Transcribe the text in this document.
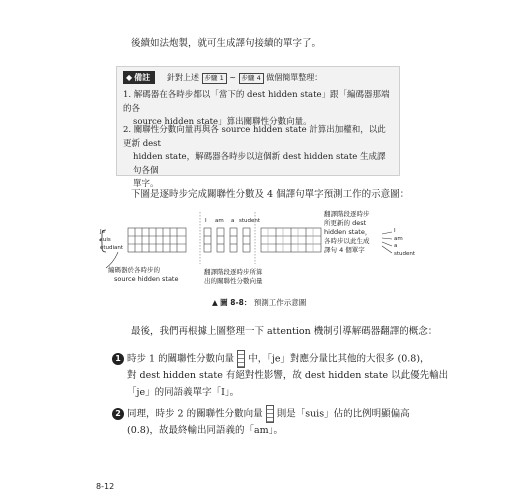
後續如法炮製，就可生成譯句接續的單字了。
◆ 備註 針對上述 步驟 1 ~ 步驟 4 做個簡單整理：
1. 解碼器在各時步都以「當下的 dest hidden state」跟「編碼器那端的各
source hidden state」算出關聯性分數向量。
2. 關聯性分數向量再與各 source hidden state 計算出加權和，以此更新 dest
hidden state，解碼器各時步以這個新 dest hidden state 生成譯句各個
單字。
下圖是逐時步完成關聯性分數及 4 個譯句單字預測工作的示意圖：
Je
suis
étudiant
I am a student
編碼器於各時步的
source hidden state
翻譯階段逐時步所算
出的關聯性分數向量
翻譯階段逐時步
所更新的 dest
hidden state，
各時步以此生成
譯句 4 個單字
I
am
a
student
▲ 圖 8-8： 預測工作示意圖
最後，我們再根據上圖整理一下 attention 機制引導解碼器翻譯的概念：
1 時步 1 的關聯性分數向量 中，「je」對應分量比其他的大很多 (0.8)，
對 dest hidden state 有絕對性影響，故 dest hidden state 以此優先輸出
「je」的同語義單字「I」。
2 同理，時步 2 的關聯性分數向量 則是「suis」佔的比例明顯偏高
(0.8)，故最終輸出同語義的「am」。
8-12
